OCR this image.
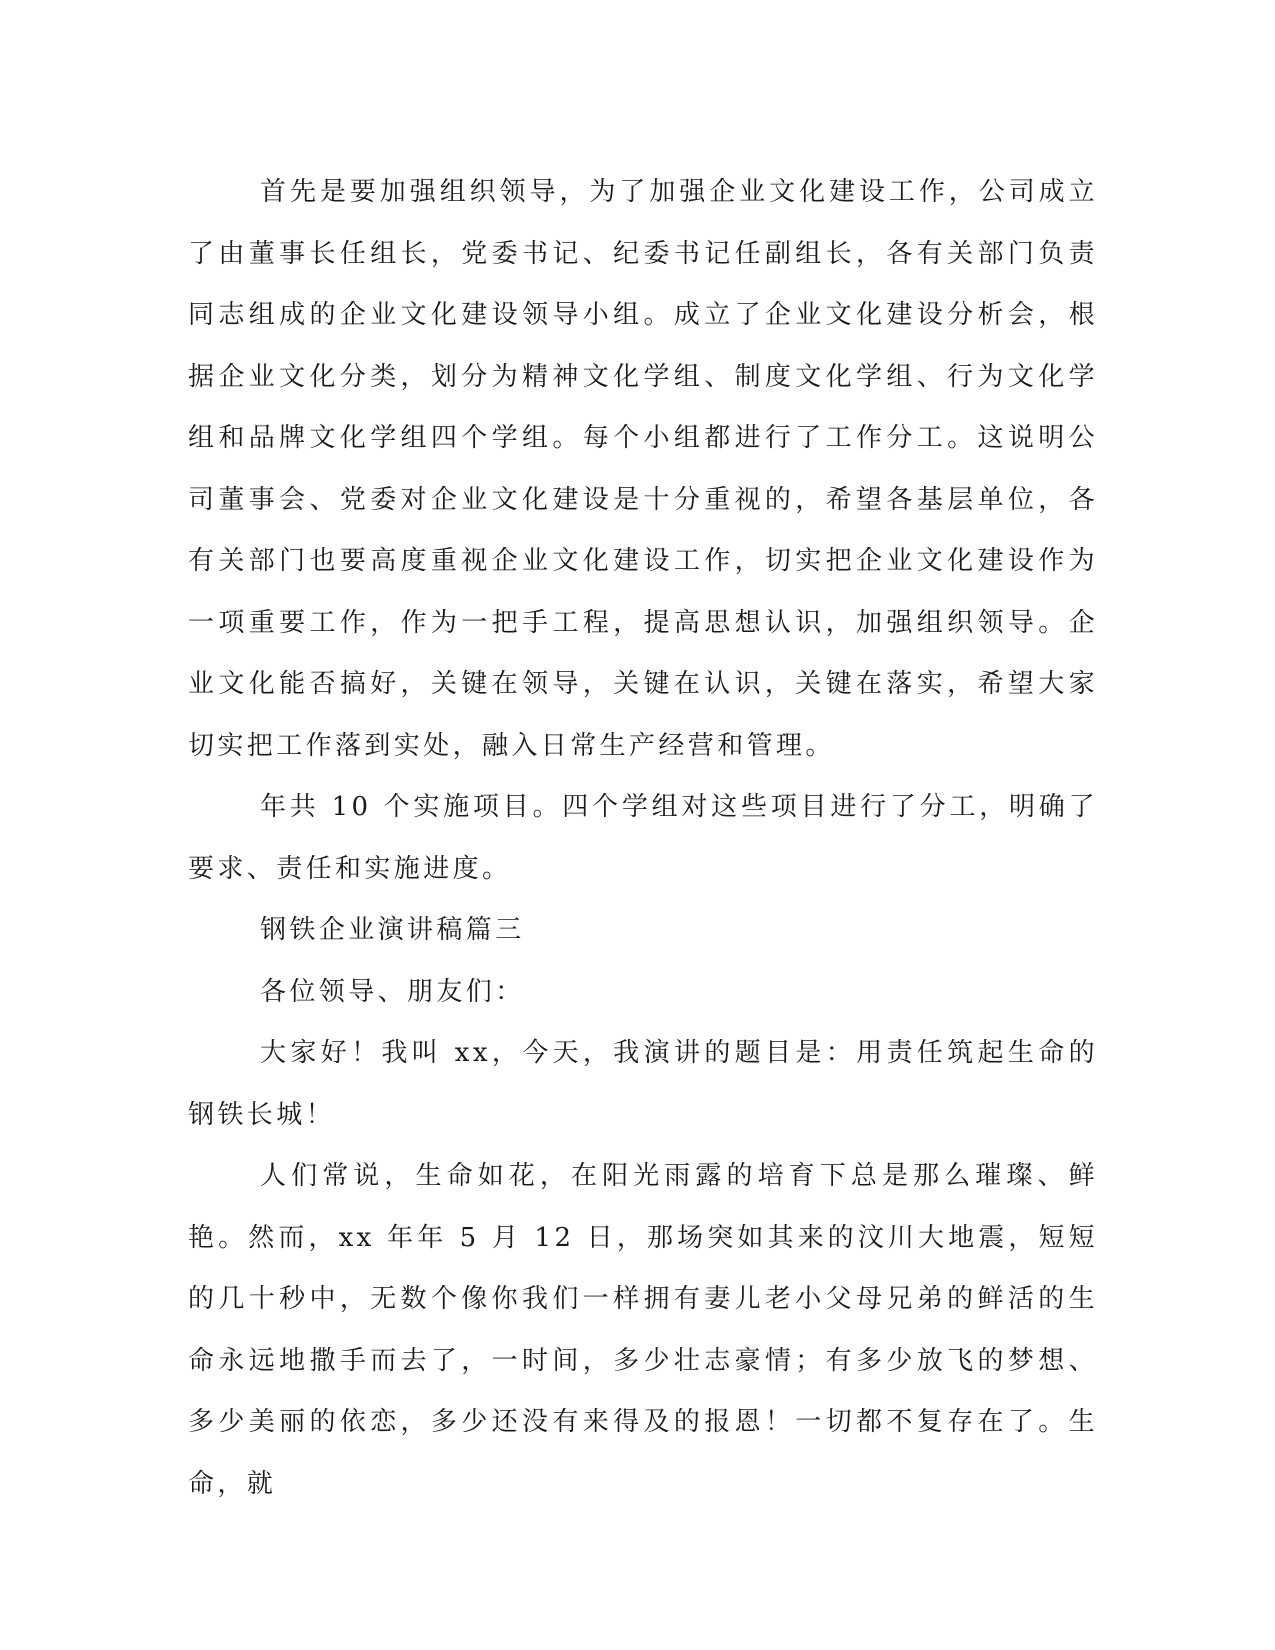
首先是要加强组织领导，为了加强企业文化建设工作，公司成立了由董事长任组长，党委书记、纪委书记任副组长，各有关部门负责同志组成的企业文化建设领导小组。成立了企业文化建设分析会，根据企业文化分类，划分为精神文化学组、制度文化学组、行为文化学组和品牌文化学组四个学组。每个小组都进行了工作分工。这说明公司董事会、党委对企业文化建设是十分重视的，希望各基层单位，各有关部门也要高度重视企业文化建设工作，切实把企业文化建设作为一项重要工作，作为一把手工程，提高思想认识，加强组织领导。企业文化能否搞好，关键在领导，关键在认识，关键在落实，希望大家切实把工作落到实处，融入日常生产经营和管理。

年共 10 个实施项目。四个学组对这些项目进行了分工，明确了要求、责任和实施进度。

钢铁企业演讲稿篇三

各位领导、朋友们：

大家好！我叫 xx，今天，我演讲的题目是：用责任筑起生命的钢铁长城！

人们常说，生命如花，在阳光雨露的培育下总是那么璀璨、鲜艳。然而，xx 年年 5 月 12 日，那场突如其来的汶川大地震，短短的几十秒中，无数个像你我们一样拥有妻儿老小父母兄弟的鲜活的生命永远地撒手而去了，一时间，多少壮志豪情；有多少放飞的梦想、多少美丽的依恋，多少还没有来得及的报恩！一切都不复存在了。生命，就
